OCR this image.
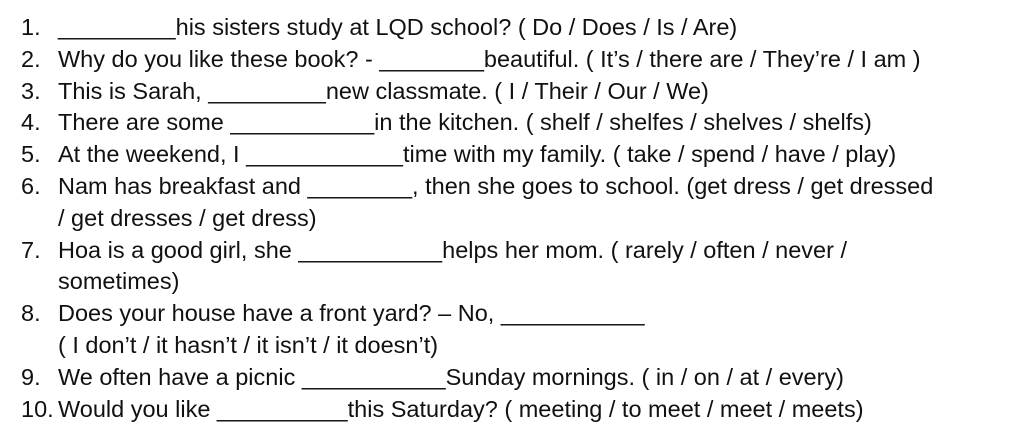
1. _________his sisters study at LQD school? ( Do / Does / Is / Are)
2. Why do you like these book? - ________beautiful. ( It’s / there are / They’re / I am )
3. This is Sarah, _________new classmate. ( I / Their / Our / We)
4. There are some ___________in the kitchen. ( shelf / shelfes / shelves / shelfs)
5. At the weekend, I ____________time with my family. ( take / spend / have / play)
6. Nam has breakfast and ________, then she goes to school. (get dress / get dressed
/ get dresses / get dress)
7. Hoa is a good girl, she ___________helps her mom. ( rarely / often / never /
sometimes)
8. Does your house have a front yard? – No, ___________
( I don’t / it hasn’t / it isn’t / it doesn’t)
9. We often have a picnic ___________Sunday mornings. ( in / on / at / every)
10. Would you like __________this Saturday? ( meeting / to meet / meet / meets)
